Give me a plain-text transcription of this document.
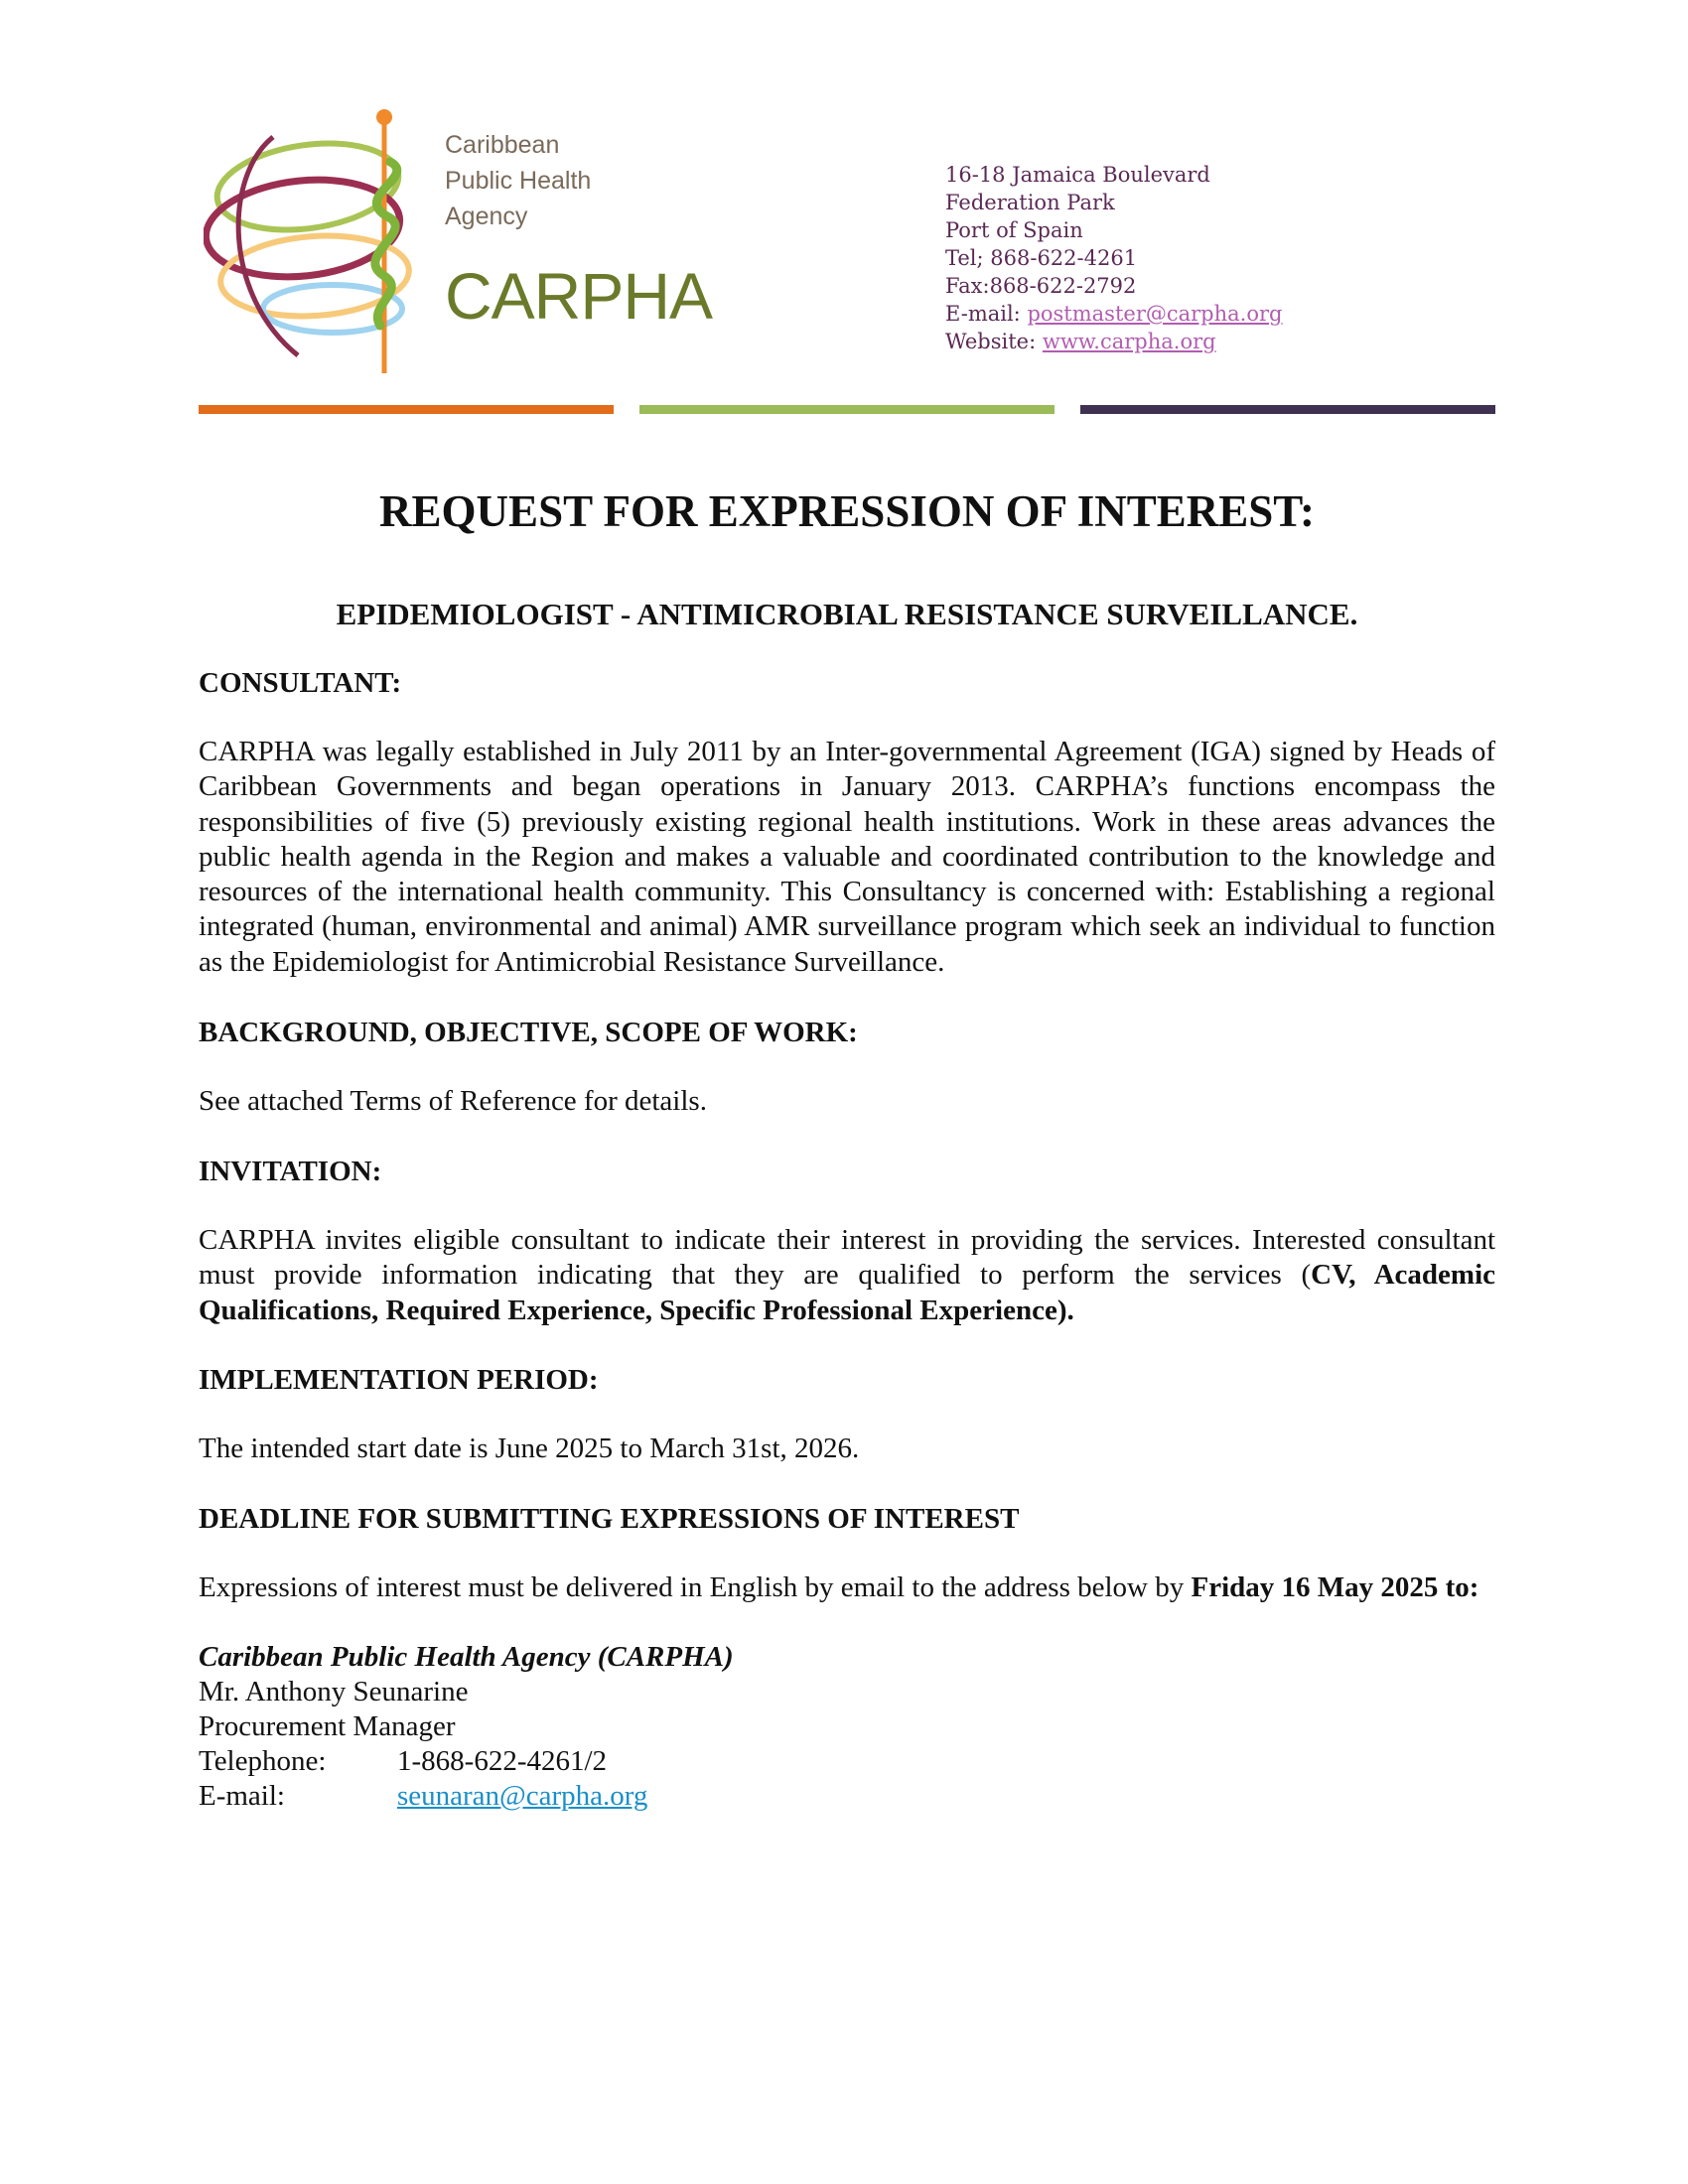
Caribbean
Public Health
Agency
CARPHA
16-18 Jamaica Boulevard
Federation Park
Port of Spain
Tel; 868-622-4261
Fax:868-622-2792
E-mail: postmaster@carpha.org
Website: www.carpha.org
REQUEST FOR EXPRESSION OF INTEREST:
EPIDEMIOLOGIST - ANTIMICROBIAL RESISTANCE SURVEILLANCE.
CONSULTANT:
CARPHA was legally established in July 2011 by an Inter-governmental Agreement (IGA) signed by Heads of Caribbean Governments and began operations in January 2013. CARPHA’s functions encompass the responsibilities of five (5) previously existing regional health institutions. Work in these areas advances the public health agenda in the Region and makes a valuable and coordinated contribution to the knowledge and resources of the international health community. This Consultancy is concerned with: Establishing a regional integrated (human, environmental and animal) AMR surveillance program which seek an individual to function as the Epidemiologist for Antimicrobial Resistance Surveillance.
BACKGROUND, OBJECTIVE, SCOPE OF WORK:
See attached Terms of Reference for details.
INVITATION:
CARPHA invites eligible consultant to indicate their interest in providing the services. Interested consultant must provide information indicating that they are qualified to perform the services (CV, Academic Qualifications, Required Experience, Specific Professional Experience).
IMPLEMENTATION PERIOD:
The intended start date is June 2025 to March 31st, 2026.
DEADLINE FOR SUBMITTING EXPRESSIONS OF INTEREST
Expressions of interest must be delivered in English by email to the address below by Friday 16 May 2025 to:
Caribbean Public Health Agency (CARPHA)
Mr. Anthony Seunarine
Procurement Manager
Telephone: 1-868-622-4261/2
E-mail:	seunaran@carpha.org
